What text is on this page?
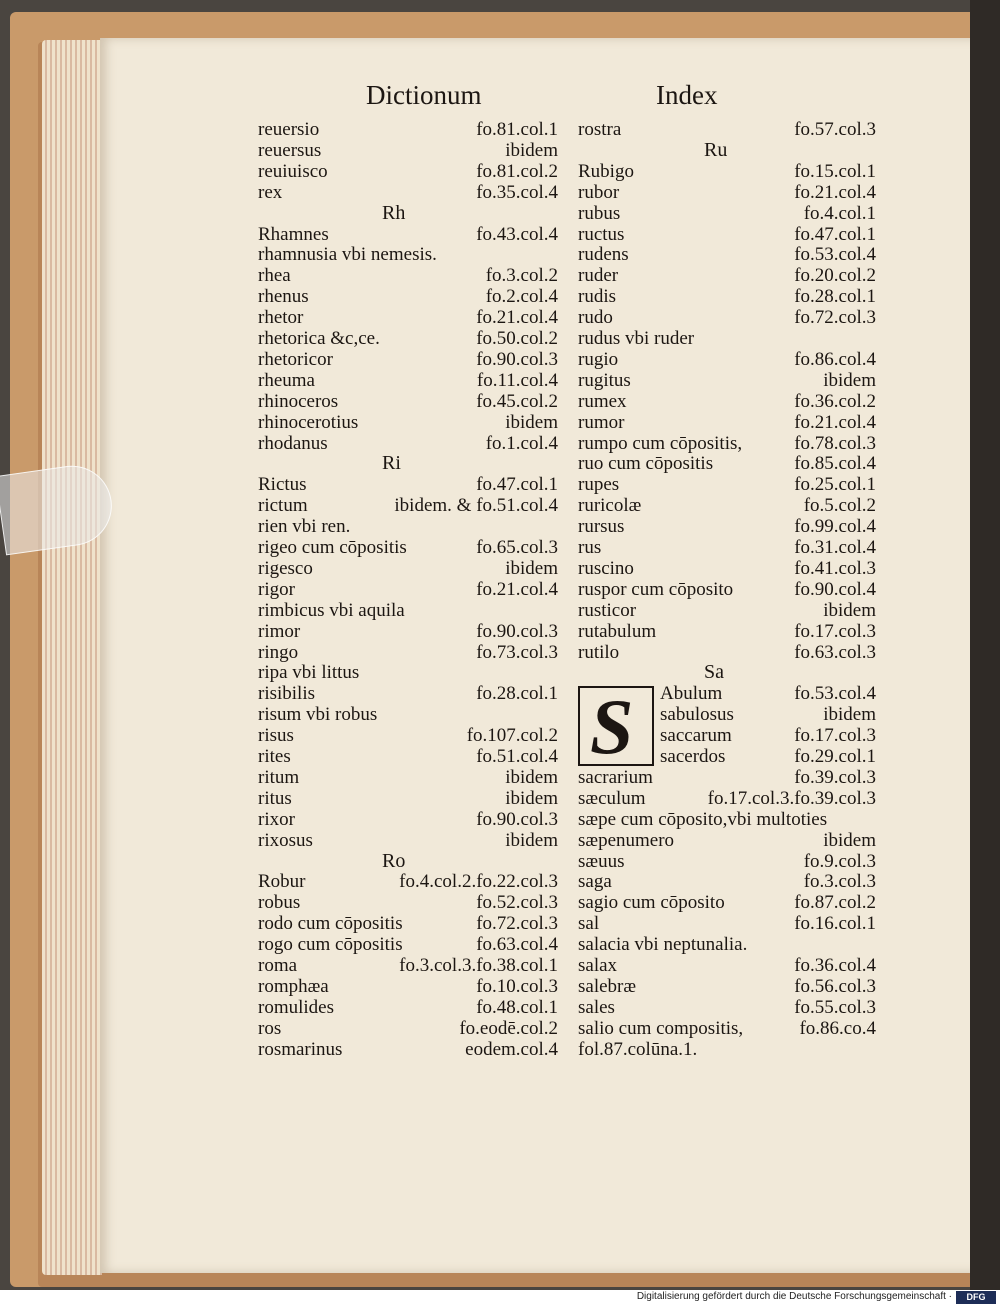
Dictionum	Index
S
reuersio	fo.81.col.1
reuersus	ibidem
reuiuisco	fo.81.col.2
rex	fo.35.col.4
Rh
Rhamnes	fo.43.col.4
rhamnusia vbi nemesis.
rhea	fo.3.col.2
rhenus	fo.2.col.4
rhetor	fo.21.col.4
rhetorica &c,ce.	fo.50.col.2
rhetoricor	fo.90.col.3
rheuma	fo.11.col.4
rhinoceros	fo.45.col.2
rhinocerotius	ibidem
rhodanus	fo.1.col.4
Ri
Rictus	fo.47.col.1
rictum	ibidem. & fo.51.col.4
rien vbi ren.
rigeo cum cōpositis	fo.65.col.3
rigesco	ibidem
rigor	fo.21.col.4
rimbicus vbi aquila
rimor	fo.90.col.3
ringo	fo.73.col.3
ripa vbi littus
risibilis	fo.28.col.1
risum vbi robus
risus	fo.107.col.2
rites	fo.51.col.4
ritum	ibidem
ritus	ibidem
rixor	fo.90.col.3
rixosus	ibidem
Ro
Robur	fo.4.col.2.fo.22.col.3
robus	fo.52.col.3
rodo cum cōpositis	fo.72.col.3
rogo cum cōpositis	fo.63.col.4
roma	fo.3.col.3.fo.38.col.1
romphæa	fo.10.col.3
romulides	fo.48.col.1
ros	fo.eodē.col.2
rosmarinus	eodem.col.4
rostra	fo.57.col.3
Ru
Rubigo	fo.15.col.1
rubor	fo.21.col.4
rubus	fo.4.col.1
ructus	fo.47.col.1
rudens	fo.53.col.4
ruder	fo.20.col.2
rudis	fo.28.col.1
rudo	fo.72.col.3
rudus vbi ruder
rugio	fo.86.col.4
rugitus	ibidem
rumex	fo.36.col.2
rumor	fo.21.col.4
rumpo cum cōpositis,	fo.78.col.3
ruo cum cōpositis	fo.85.col.4
rupes	fo.25.col.1
ruricolæ	fo.5.col.2
rursus	fo.99.col.4
rus	fo.31.col.4
ruscino	fo.41.col.3
ruspor cum cōposito	fo.90.col.4
rusticor	ibidem
rutabulum	fo.17.col.3
rutilo	fo.63.col.3
Sa
Abulum	fo.53.col.4
sabulosus	ibidem
saccarum	fo.17.col.3
sacerdos	fo.29.col.1
sacrarium	fo.39.col.3
sæculum	fo.17.col.3.fo.39.col.3
sæpe cum cōposito,vbi multoties
sæpenumero	ibidem
sæuus	fo.9.col.3
saga	fo.3.col.3
sagio cum cōposito	fo.87.col.2
sal	fo.16.col.1
salacia vbi neptunalia.
salax	fo.36.col.4
salebræ	fo.56.col.3
sales	fo.55.col.3
salio cum compositis,	fo.86.co.4
fol.87.colūna.1.
Digitalisierung gefördert durch die Deutsche Forschungsgemeinschaft ·	DFG
